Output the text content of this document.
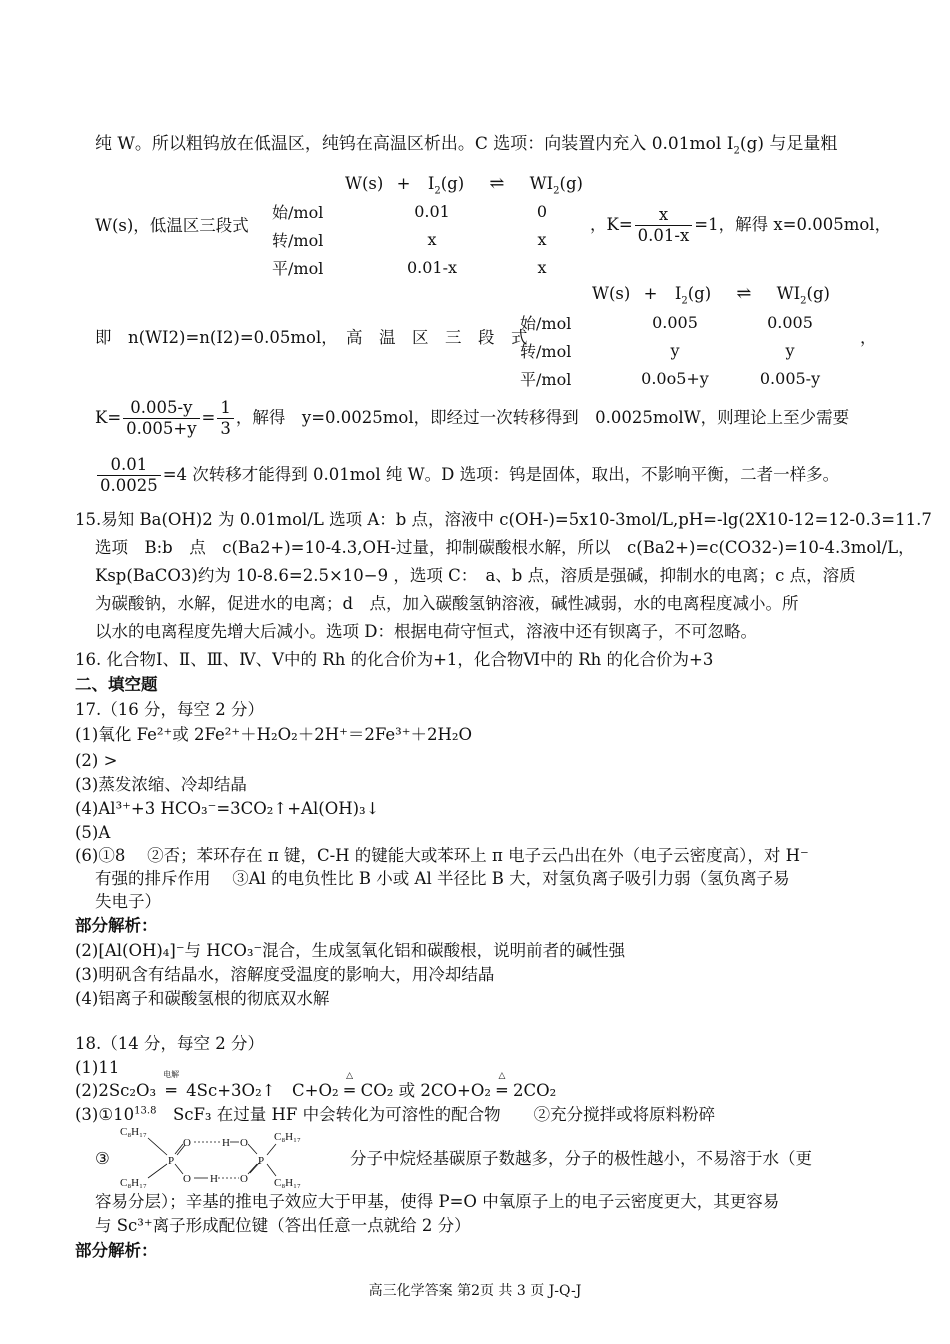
纯 W。所以粗钨放在低温区，纯钨在高温区析出。C 选项：向装置内充入 0.01mol $I_2(g)$ 与足量粗
$W(s) + I_2(g)$ ⇌ $WI_2(g)$
W(s)，低温区三段式
始/mol	0.01	0
转/mol	x	x
平/mol	0.01-x	x
，$K= \frac{x}{0.01-x} =1$，解得 x=0.005mol，
$W(s) + I_2(g)$ ⇌ $WI_2(g)$
即　n(WI2)=n(I2)=0.05mol，　高　温　区　三　段　式
始/mol	0.005	0.005
转/mol	y	y
平/mol	0.0o5+y	0.005-y
，
$K= \frac{0.005-y}{0.005+y} = \frac{1}{3}$ ，解得　y=0.0025mol，即经过一次转移得到　0.0025molW，则理论上至少需要
$\frac{0.01}{0.0025} =4$ 次转移才能得到 0.01mol 纯 W。D 选项：钨是固体，取出，不影响平衡，二者一样多。
15.易知 Ba(OH)2 为 0.01mol/L 选项 A：b 点，溶液中 c(OH-)=5x10-3mol/L,pH=-lg(2X10-12=12-0.3=11.7
选项　B:b　点　c(Ba2+)=10-4.3,OH-过量，抑制碳酸根水解，所以　c(Ba2+)=c(CO32-)=10-4.3mol/L，
Ksp(BaCO3)约为 10-8.6=2.5×10−9 ，选项 C：　a、b 点，溶质是强碱，抑制水的电离；c 点，溶质
为碳酸钠，水解，促进水的电离；d　点，加入碳酸氢钠溶液，碱性减弱，水的电离程度减小。所
以水的电离程度先增大后减小。选项 D：根据电荷守恒式，溶液中还有钡离子，不可忽略。
16. 化合物Ⅰ、Ⅱ、Ⅲ、Ⅳ、Ⅴ中的 Rh 的化合价为+1，化合物Ⅵ中的 Rh 的化合价为+3
二、填空题
17.（16 分，每空 2 分）
(1)氧化 Fe²⁺或 2Fe²⁺＋H₂O₂＋2H⁺＝2Fe³⁺＋2H₂O
(2) >
(3)蒸发浓缩、冷却结晶
(4)Al³⁺+3 HCO₃⁻=3CO₂↑+Al(OH)₃↓
(5)A
(6)①8　 ②否；苯环存在 π 键，C-H 的键能大或苯环上 π 电子云凸出在外（电子云密度高），对 H⁻
有强的排斥作用　 ③Al 的电负性比 B 小或 Al 半径比 B 大，对氢负离子吸引力弱（氢负离子易
失电子）
部分解析：
(2)[Al(OH)₄]⁻与 HCO₃⁻混合，生成氢氧化铝和碳酸根，说明前者的碱性强
(3)明矾含有结晶水，溶解度受温度的影响大，用冷却结晶
(4)铝离子和碳酸氢根的彻底双水解
18.（14 分，每空 2 分）
(1)11
(2)2Sc₂O₃
电解
═ 4Sc+3O₂↑　C+O₂
△
═ CO₂ 或 2CO+O₂
△
═ 2CO₂
$(3)①10^{13.8}$　ScF₃ 在过量 HF 中会转化为可溶性的配合物　　②充分搅拌或将原料粉碎
③
C₈H₁₇
C₈H₁₇
C₈H₁₇
C₈H₁₇
P	P
O	H O
O H O
分子中烷烃基碳原子数越多，分子的极性越小，不易溶于水（更
容易分层）；辛基的推电子效应大于甲基，使得 P=O 中氧原子上的电子云密度更大，其更容易
与 Sc³⁺离子形成配位键（答出任意一点就给 2 分）
部分解析：
高三化学答案 第2页 共 3 页 J-Q-J
